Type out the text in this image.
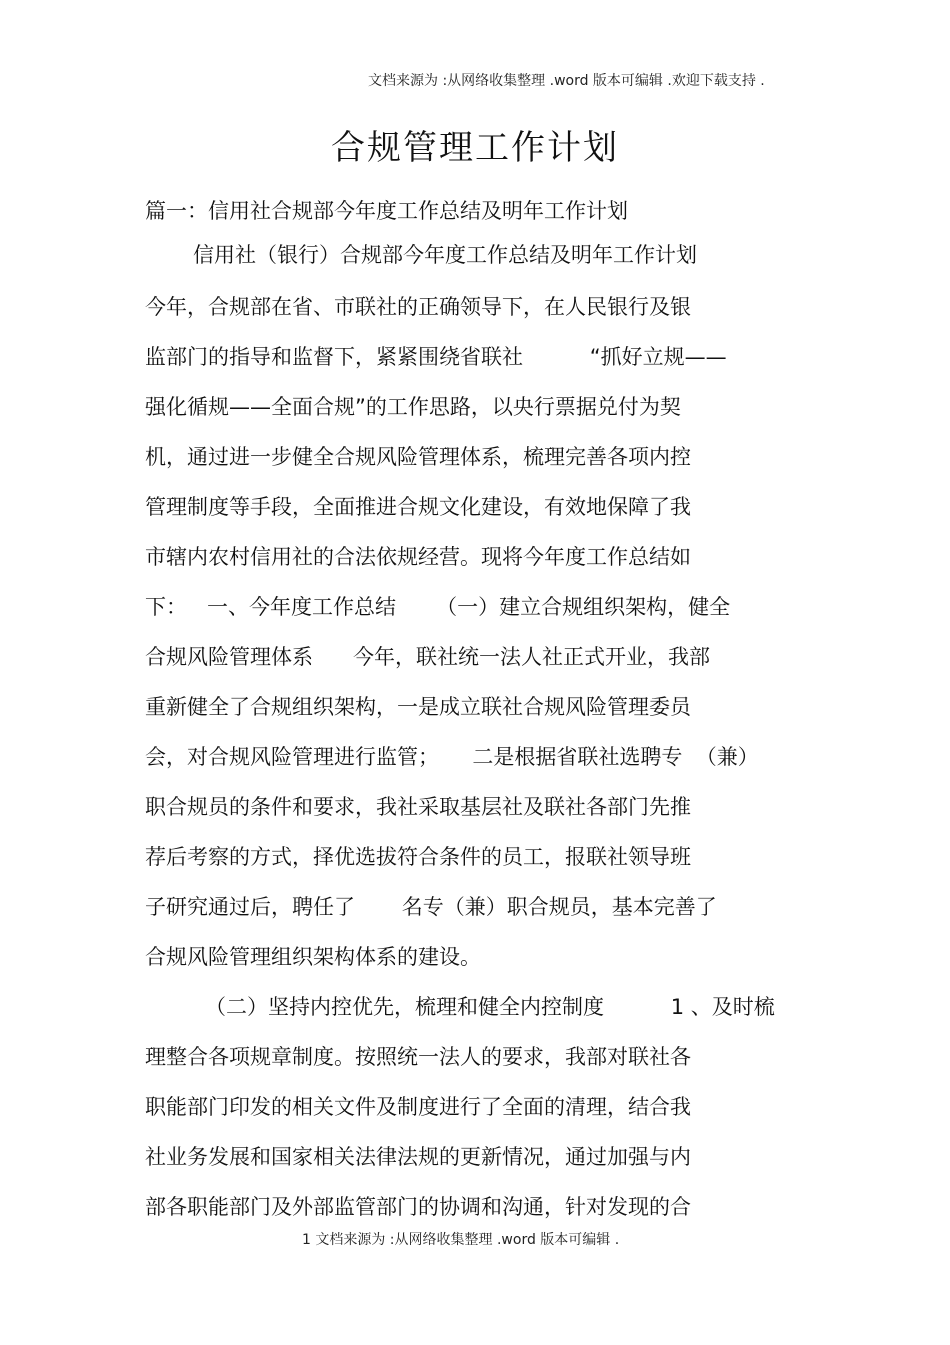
文档来源为 :从网络收集整理 .word 版本可编辑 .欢迎下载支持 .
合规管理工作计划
篇一：信用社合规部今年度工作总结及明年工作计划
信用社（银行）合规部今年度工作总结及明年工作计划
今年，合规部在省、市联社的正确领导下，在人民银行及银
监部门的指导和监督下，紧紧围绕省联社          “抓好立规——
强化循规——全面合规”的工作思路，以央行票据兑付为契
机，通过进一步健全合规风险管理体系，梳理完善各项内控
管理制度等手段，全面推进合规文化建设，有效地保障了我
市辖内农村信用社的合法依规经营。现将今年度工作总结如
下：   一、今年度工作总结      （一）建立合规组织架构，健全
合规风险管理体系      今年，联社统一法人社正式开业，我部
重新健全了合规组织架构，一是成立联社合规风险管理委员
会，对合规风险管理进行监管；     二是根据省联社选聘专  （兼）
职合规员的条件和要求，我社采取基层社及联社各部门先推
荐后考察的方式，择优选拔符合条件的员工，报联社领导班
子研究通过后，聘任了       名专（兼）职合规员，基本完善了
合规风险管理组织架构体系的建设。
（二）坚持内控优先，梳理和健全内控制度          1 、及时梳
理整合各项规章制度。按照统一法人的要求，我部对联社各
职能部门印发的相关文件及制度进行了全面的清理，结合我
社业务发展和国家相关法律法规的更新情况，通过加强与内
部各职能部门及外部监管部门的协调和沟通，针对发现的合
1 文档来源为 :从网络收集整理 .word 版本可编辑 .
